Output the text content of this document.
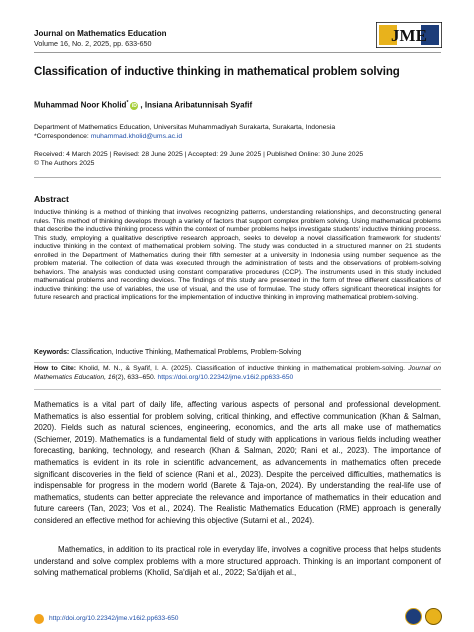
Journal on Mathematics Education
Volume 16, No. 2, 2025, pp. 633-650	JME
Classification of inductive thinking in mathematical problem solving
Muhammad Noor Kholid* iD , Insiana Aribatunnisah Syafif
Department of Mathematics Education, Universitas Muhammadiyah Surakarta, Surakarta, Indonesia
*Correspondence: muhammad.kholid@ums.ac.id
Received: 4 March 2025 | Revised: 28 June 2025 | Accepted: 29 June 2025 | Published Online: 30 June 2025
© The Authors 2025
Abstract
Inductive thinking is a method of thinking that involves recognizing patterns, understanding relationships, and deconstructing general rules. This method of thinking develops through a variety of factors that support complex problem solving. Using mathematical problems that describe the inductive thinking process within the context of number problems helps investigate students' inductive thinking process. This study, employing a qualitative descriptive research approach, seeks to develop a novel classification framework for students' inductive thinking in the context of mathematical problem solving. The study was conducted in a structured manner on 21 students enrolled in the Department of Mathematics during their fifth semester at a university in Indonesia using number sequence as the problem material. The collection of data was executed through the administration of tests and the observations of problem-solving behaviors. The analysis was conducted using constant comparative procedures (CCP). The instruments used in this study included mathematical problems and recording devices. The findings of this study are presented in the form of three different classifications of inductive thinking: the use of variables, the use of visual, and the use of formulae. The study offers significant theoretical insights for future research and practical implications for the implementation of inductive thinking in improving mathematical problem-solving.
Keywords: Classification, Inductive Thinking, Mathematical Problems, Problem-Solving
How to Cite: Kholid, M. N., & Syafif, I. A. (2025). Classification of inductive thinking in mathematical problem-solving. Journal on Mathematics Education, 16(2), 633–650. https://doi.org/10.22342/jme.v16i2.pp633-650
Mathematics is a vital part of daily life, affecting various aspects of personal and professional development. Mathematics is also essential for problem solving, critical thinking, and effective communication (Khan & Salman, 2020). Fields such as natural sciences, engineering, economics, and the arts all make use of mathematics (Schiemer, 2019). Mathematics is a fundamental field of study with applications in various fields including weather forecasting, banking, technology, and research (Khan & Salman, 2020; Rani et al., 2023). The importance of mathematics is evident in its role in scientific advancement, as advancements in mathematics often precede significant discoveries in the field of science (Rani et al., 2023). Despite the perceived difficulties, mathematics is indispensable for progress in the modern world (Barete & Taja-on, 2024). By understanding the real-life use of mathematics, students can better appreciate the relevance and importance of mathematics in their education and future careers (Tan, 2023; Vos et al., 2024). The Realistic Mathematics Education (RME) approach is generally considered an effective method for achieving this objective (Sutarni et al., 2024).
Mathematics, in addition to its practical role in everyday life, involves a cognitive process that helps students understand and solve complex problems with a more structured approach. Thinking is an important component of solving mathematical problems (Kholid, Sa'dijah et al., 2022; Sa'dijah et al.,
http://doi.org/10.22342/jme.v16i2.pp633-650
